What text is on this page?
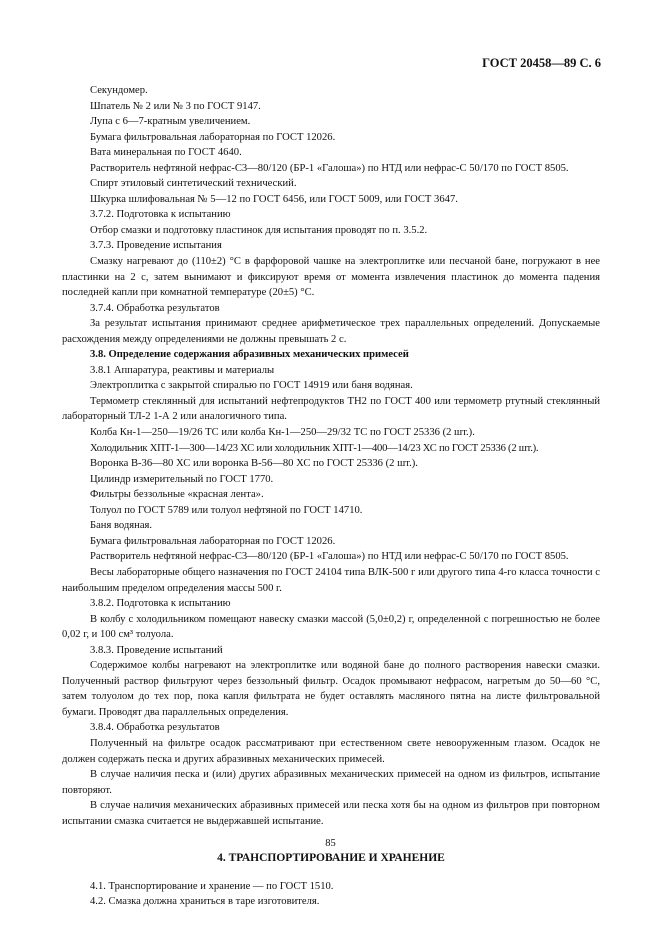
ГОСТ 20458—89 С. 6

Секундомер.

Шпатель № 2 или № 3 по ГОСТ 9147.

Лупа с 6—7-кратным увеличением.

Бумага фильтровальная лабораторная по ГОСТ 12026.

Вата минеральная по ГОСТ 4640.

Растворитель нефтяной нефрас-С3—80/120 (БР-1 «Галоша») по НТД или нефрас-С 50/170 по ГОСТ 8505.

Спирт этиловый синтетический технический.

Шкурка шлифовальная № 5—12 по ГОСТ 6456, или ГОСТ 5009, или ГОСТ 3647.

3.7.2. Подготовка к испытанию

Отбор смазки и подготовку пластинок для испытания проводят по п. 3.5.2.

3.7.3. Проведение испытания

Смазку нагревают до (110±2) °С в фарфоровой чашке на электроплитке или песчаной бане, погружают в нее пластинки на 2 с, затем вынимают и фиксируют время от момента извлечения пластинок до момента падения последней капли при комнатной температуре (20±5) °С.

3.7.4. Обработка результатов

За результат испытания принимают среднее арифметическое трех параллельных определений. Допускаемые расхождения между определениями не должны превышать 2 с.

3.8. Определение содержания абразивных механических примесей

3.8.1 Аппаратура, реактивы и материалы

Электроплитка с закрытой спиралью по ГОСТ 14919 или баня водяная.

Термометр стеклянный для испытаний нефтепродуктов ТН2 по ГОСТ 400 или термометр ртутный стеклянный лабораторный ТЛ-2 1-А 2 или аналогичного типа.

Колба Кн-1—250—19/26 ТС или колба Кн-1—250—29/32 ТС по ГОСТ 25336 (2 шт.).

Холодильник ХПТ-1—300—14/23 ХС или холодильник ХПТ-1—400—14/23 ХС по ГОСТ 25336 (2 шт.).

Воронка В-36—80 ХС или воронка В-56—80 ХС по ГОСТ 25336 (2 шт.).

Цилиндр измерительный по ГОСТ 1770.

Фильтры беззольные «красная лента».

Толуол по ГОСТ 5789 или толуол нефтяной по ГОСТ 14710.

Баня водяная.

Бумага фильтровальная лабораторная по ГОСТ 12026.

Растворитель нефтяной нефрас-С3—80/120 (БР-1 «Галоша») по НТД или нефрас-С 50/170 по ГОСТ 8505.

Весы лабораторные общего назначения по ГОСТ 24104 типа ВЛК-500 г или другого типа 4-го класса точности с наибольшим пределом определения массы 500 г.

3.8.2. Подготовка к испытанию

В колбу с холодильником помещают навеску смазки массой (5,0±0,2) г, определенной с погрешностью не более 0,02 г, и 100 см³ толуола.

3.8.3. Проведение испытаний

Содержимое колбы нагревают на электроплитке или водяной бане до полного растворения навески смазки. Полученный раствор фильтруют через беззольный фильтр. Осадок промывают нефрасом, нагретым до 50—60 °С, затем толуолом до тех пор, пока капля фильтрата не будет оставлять масляного пятна на листе фильтровальной бумаги. Проводят два параллельных определения.

3.8.4. Обработка результатов

Полученный на фильтре осадок рассматривают при естественном свете невооруженным глазом. Осадок не должен содержать песка и других абразивных механических примесей.

В случае наличия песка и (или) других абразивных механических примесей на одном из фильтров, испытание повторяют.

В случае наличия механических абразивных примесей или песка хотя бы на одном из фильтров при повторном испытании смазка считается не выдержавшей испытание.

4. ТРАНСПОРТИРОВАНИЕ И ХРАНЕНИЕ

4.1. Транспортирование и хранение — по ГОСТ 1510.

4.2. Смазка должна храниться в таре изготовителя.

85
